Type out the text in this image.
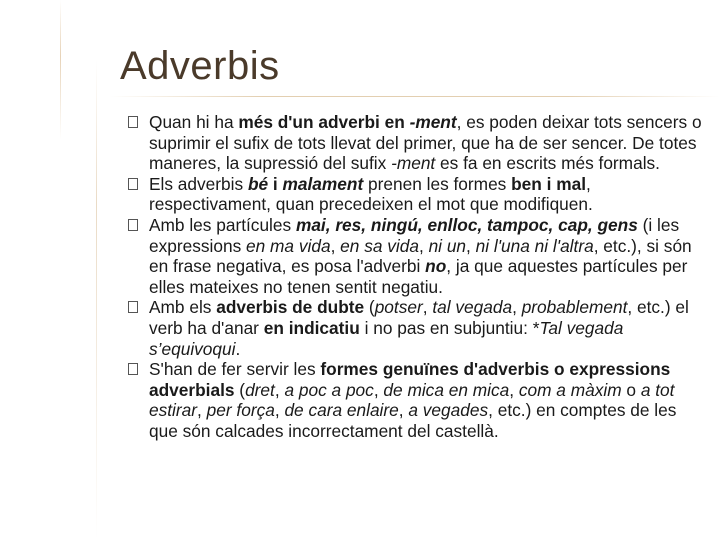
Adverbis
Quan hi ha més d'un adverbi en -ment, es poden deixar tots sencers o suprimir el sufix de tots llevat del primer, que ha de ser sencer. De totes maneres, la supressió del sufix -ment es fa en escrits més formals.
Els adverbis bé i malament prenen les formes ben i mal, respectivament, quan precedeixen el mot que modifiquen.
Amb les partícules mai, res, ningú, enlloc, tampoc, cap, gens (i les expressions en ma vida, en sa vida, ni un, ni l'una ni l'altra, etc.), si són en frase negativa, es posa l'adverbi no, ja que aquestes partícules per elles mateixes no tenen sentit negatiu.
Amb els adverbis de dubte (potser, tal vegada, probablement, etc.) el verb ha d'anar en indicatiu i no pas en subjuntiu: *Tal vegada s’equivoqui.
S'han de fer servir les formes genuïnes d'adverbis o expressions adverbials (dret, a poc a poc, de mica en mica, com a màxim o a tot estirar, per força, de cara enlaire, a vegades, etc.) en comptes de les que són calcades incorrectament del castellà.
